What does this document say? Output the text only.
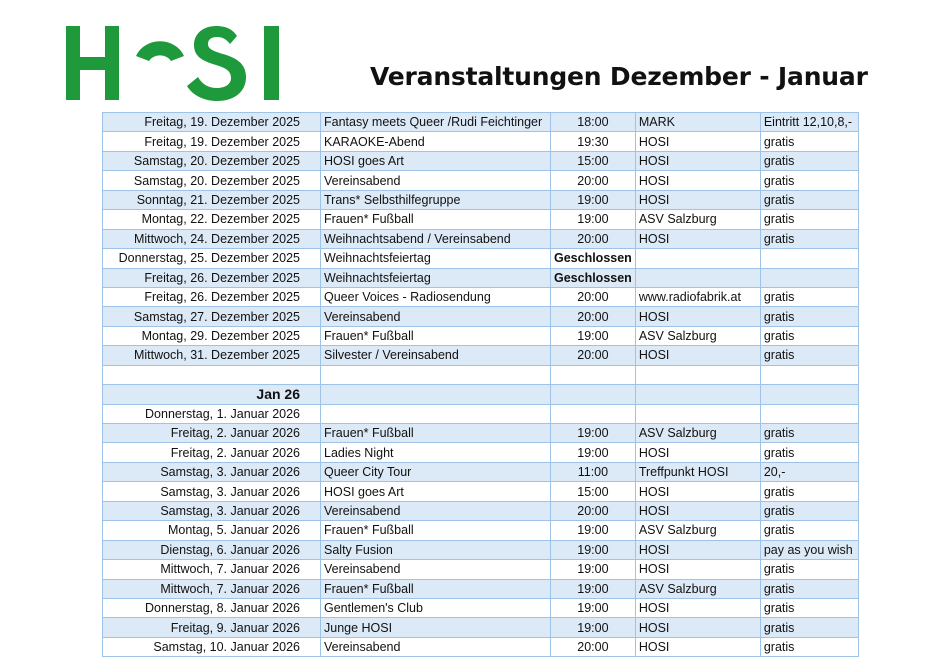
Veranstaltungen Dezember - Januar
Freitag, 19. Dezember 2025	Fantasy meets Queer /Rudi Feichtinger	18:00	MARK	Eintritt 12,10,8,-
Freitag, 19. Dezember 2025	KARAOKE-Abend	19:30	HOSI	gratis
Samstag, 20. Dezember 2025	HOSI goes Art	15:00	HOSI	gratis
Samstag, 20. Dezember 2025	Vereinsabend	20:00	HOSI	gratis
Sonntag, 21. Dezember 2025	Trans* Selbsthilfegruppe	19:00	HOSI	gratis
Montag, 22. Dezember 2025	Frauen* Fußball	19:00	ASV Salzburg	gratis
Mittwoch, 24. Dezember 2025	Weihnachtsabend / Vereinsabend	20:00	HOSI	gratis
Donnerstag, 25. Dezember 2025	Weihnachtsfeiertag	Geschlossen		
Freitag, 26. Dezember 2025	Weihnachtsfeiertag	Geschlossen		
Freitag, 26. Dezember 2025	Queer Voices - Radiosendung	20:00	www.radiofabrik.at	gratis
Samstag, 27. Dezember 2025	Vereinsabend	20:00	HOSI	gratis
Montag, 29. Dezember 2025	Frauen* Fußball	19:00	ASV Salzburg	gratis
Mittwoch, 31. Dezember 2025	Silvester / Vereinsabend	20:00	HOSI	gratis

Jan 26				
Donnerstag, 1. Januar 2026				
Freitag, 2. Januar 2026	Frauen* Fußball	19:00	ASV Salzburg	gratis
Freitag, 2. Januar 2026	Ladies Night	19:00	HOSI	gratis
Samstag, 3. Januar 2026	Queer City Tour	11:00	Treffpunkt HOSI	20,-
Samstag, 3. Januar 2026	HOSI goes Art	15:00	HOSI	gratis
Samstag, 3. Januar 2026	Vereinsabend	20:00	HOSI	gratis
Montag, 5. Januar 2026	Frauen* Fußball	19:00	ASV Salzburg	gratis
Dienstag, 6. Januar 2026	Salty Fusion	19:00	HOSI	pay as you wish
Mittwoch, 7. Januar 2026	Vereinsabend	19:00	HOSI	gratis
Mittwoch, 7. Januar 2026	Frauen* Fußball	19:00	ASV Salzburg	gratis
Donnerstag, 8. Januar 2026	Gentlemen's Club	19:00	HOSI	gratis
Freitag, 9. Januar 2026	Junge HOSI	19:00	HOSI	gratis
Samstag, 10. Januar 2026	Vereinsabend	20:00	HOSI	gratis
